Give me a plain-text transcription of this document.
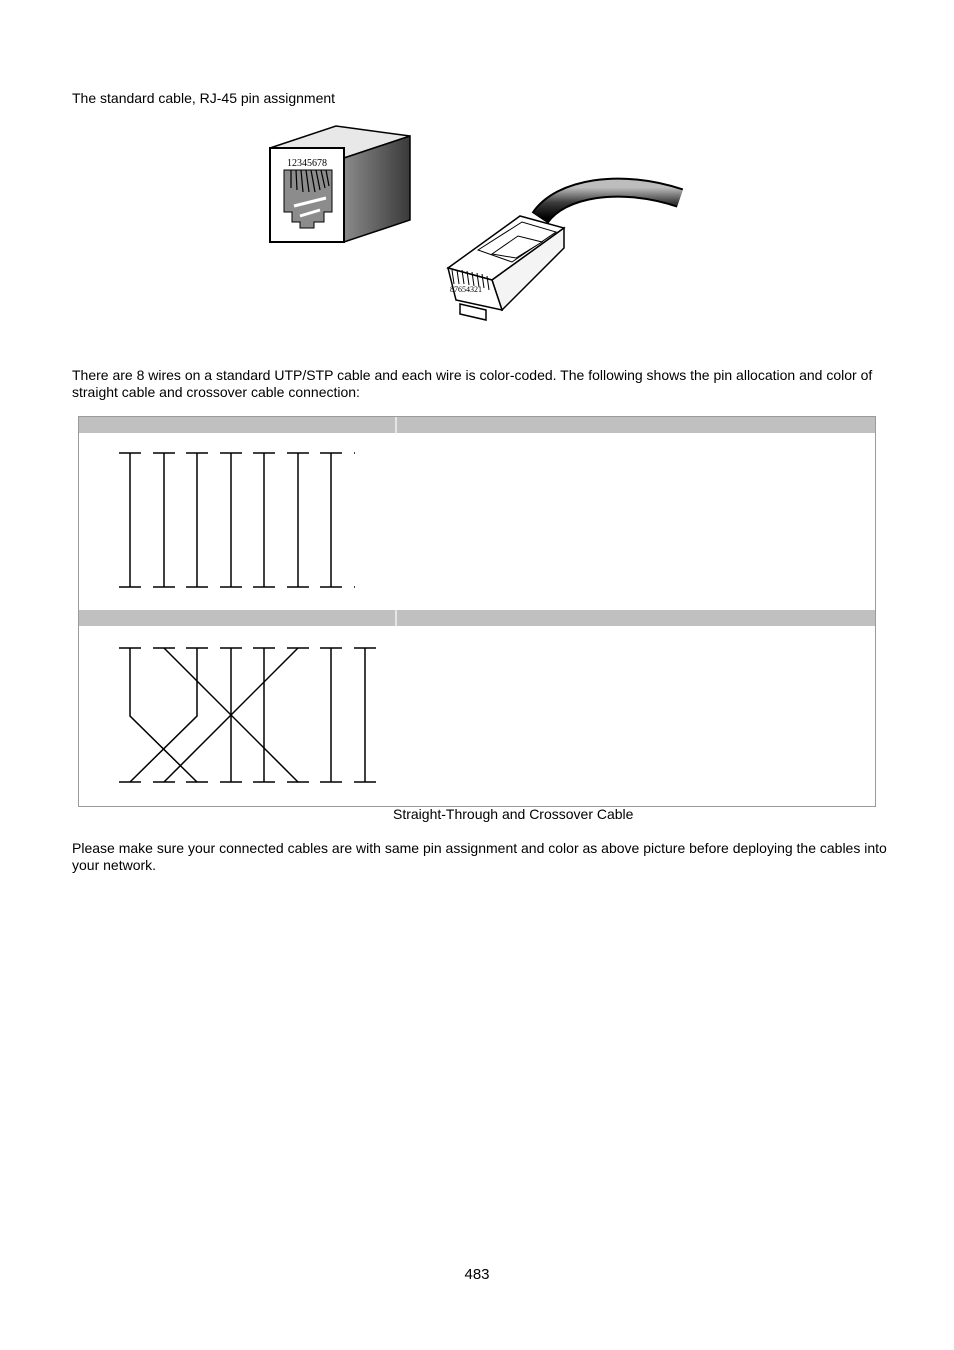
The standard cable, RJ-45 pin assignment
12345678
87654321
There are 8 wires on a standard UTP/STP cable and each wire is color-coded. The following shows the pin allocation and color of straight cable and crossover cable connection:
Straight-Through and Crossover Cable
Please make sure your connected cables are with same pin assignment and color as above picture before deploying the cables into your network.
483
